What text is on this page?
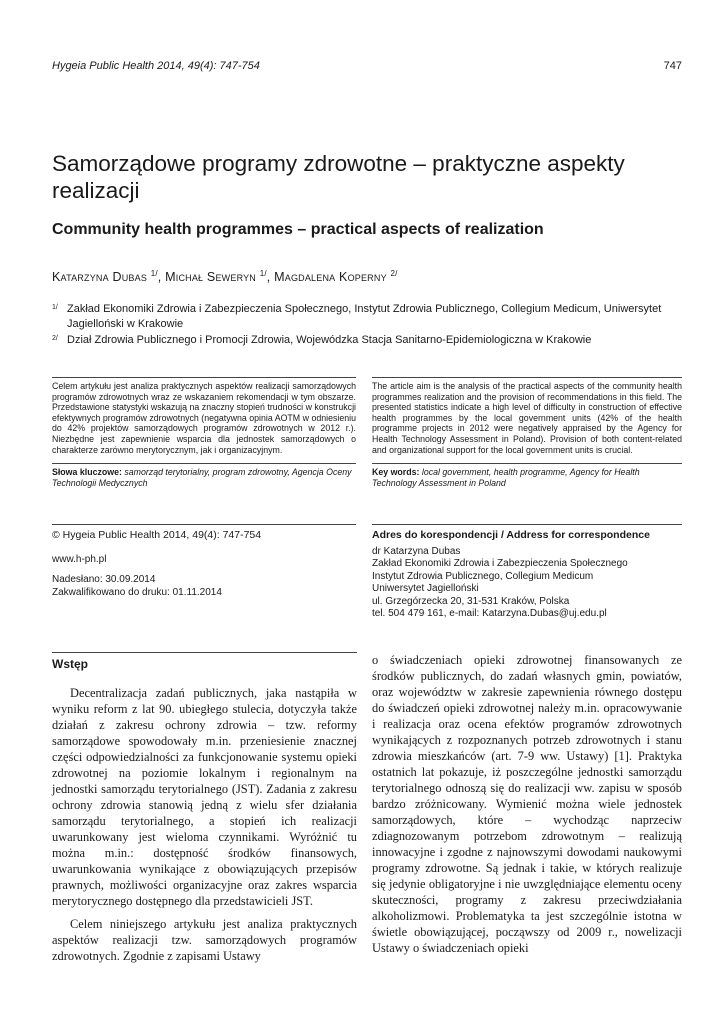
Hygeia Public Health 2014, 49(4): 747-754	747
Samorządowe programy zdrowotne – praktyczne aspekty realizacji
Community health programmes – practical aspects of realization
Katarzyna Dubas $^{1/}$, Michał Seweryn $^{1/}$, Magdalena Koperny $^{2/}$
1/ Zakład Ekonomiki Zdrowia i Zabezpieczenia Społecznego, Instytut Zdrowia Publicznego, Collegium Medicum, Uniwersytet Jagielloński w Krakowie
2/ Dział Zdrowia Publicznego i Promocji Zdrowia, Wojewódzka Stacja Sanitarno-Epidemiologiczna w Krakowie

Celem artykułu jest analiza praktycznych aspektów realizacji samorządowych programów zdrowotnych wraz ze wskazaniem rekomendacji w tym obszarze. Przedstawione statystyki wskazują na znaczny stopień trudności w konstrukcji efektywnych programów zdrowotnych (negatywna opinia AOTM w odniesieniu do 42% projektów samorządowych programów zdrowotnych w 2012 r.). Niezbędne jest zapewnienie wsparcia dla jednostek samorządowych o charakterze zarówno merytorycznym, jak i organizacyjnym.

Słowa kluczowe: samorząd terytorialny, program zdrowotny, Agencja Oceny Technologii Medycznych

The article aim is the analysis of the practical aspects of the community health programmes realization and the provision of recommendations in this field. The presented statistics indicate a high level of difficulty in construction of effective health programmes by the local government units (42% of the health programme projects in 2012 were negatively appraised by the Agency for Health Technology Assessment in Poland). Provision of both content-related and organizational support for the local government units is crucial.

Key words: local government, health programme, Agency for Health Technology Assessment in Poland
© Hygeia Public Health 2014, 49(4): 747-754
www.h-ph.pl
Nadesłano: 30.09.2014
Zakwalifikowano do druku: 01.11.2014
Adres do korespondencji / Address for correspondence
dr Katarzyna Dubas
Zakład Ekonomiki Zdrowia i Zabezpieczenia Społecznego
Instytut Zdrowia Publicznego, Collegium Medicum
Uniwersytet Jagielloński
ul. Grzegórzecka 20, 31-531 Kraków, Polska
tel. 504 479 161, e-mail: Katarzyna.Dubas@uj.edu.pl
Wstęp

Decentralizacja zadań publicznych, jaka nastąpiła w wyniku reform z lat 90. ubiegłego stulecia, dotyczyła także działań z zakresu ochrony zdrowia – tzw. reformy samorządowe spowodowały m.in. przeniesienie znacznej części odpowiedzialności za funkcjonowanie systemu opieki zdrowotnej na poziomie lokalnym i regionalnym na jednostki samorządu terytorialnego (JST). Zadania z zakresu ochrony zdrowia stanowią jedną z wielu sfer działania samorządu terytorialnego, a stopień ich realizacji uwarunkowany jest wieloma czynnikami. Wyróżnić tu można m.in.: dostępność środków finansowych, uwarunkowania wynikające z obowiązujących przepisów prawnych, możliwości organizacyjne oraz zakres wsparcia merytorycznego dostępnego dla przedstawicieli JST.

Celem niniejszego artykułu jest analiza praktycznych aspektów realizacji tzw. samorządowych programów zdrowotnych. Zgodnie z zapisami Ustawy

o świadczeniach opieki zdrowotnej finansowanych ze środków publicznych, do zadań własnych gmin, powiatów, oraz województw w zakresie zapewnienia równego dostępu do świadczeń opieki zdrowotnej należy m.in. opracowywanie i realizacja oraz ocena efektów programów zdrowotnych wynikających z rozpoznanych potrzeb zdrowotnych i stanu zdrowia mieszkańców (art. 7-9 ww. Ustawy) [1]. Praktyka ostatnich lat pokazuje, iż poszczególne jednostki samorządu terytorialnego odnoszą się do realizacji ww. zapisu w sposób bardzo zróżnicowany. Wymienić można wiele jednostek samorządowych, które – wychodząc naprzeciw zdiagnozowanym potrzebom zdrowotnym – realizują innowacyjne i zgodne z najnowszymi dowodami naukowymi programy zdrowotne. Są jednak i takie, w których realizuje się jedynie obligatoryjne i nie uwzględniające elementu oceny skuteczności, programy z zakresu przeciwdziałania alkoholizmowi. Problematyka ta jest szczególnie istotna w świetle obowiązującej, począwszy od 2009 r., nowelizacji Ustawy o świadczeniach opieki
